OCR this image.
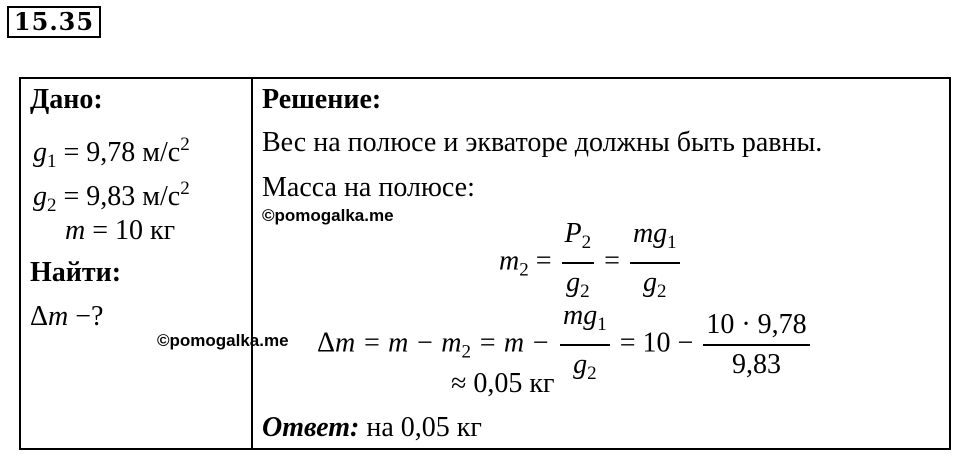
15.35
Дано:
$g_1 = 9,78$ $м/с^2$
$g_2 = 9,83$ $м/с^2$
m = 10 кг
Найти:
Δm −?
Решение:
Вес на полюсе и экваторе должны быть равны.
Масса на полюсе:
$m_2 = \frac{P_2}{g_2} = \frac{mg_1}{g_2}$
$\Delta m = m - m_2 = m - \frac{mg_1}{g_2} = 10 - \frac{10 \cdot 9,78}{9,83}$
≈ 0,05 кг
Ответ: на 0,05 кг
©pomogalka.me
©pomogalka.me
